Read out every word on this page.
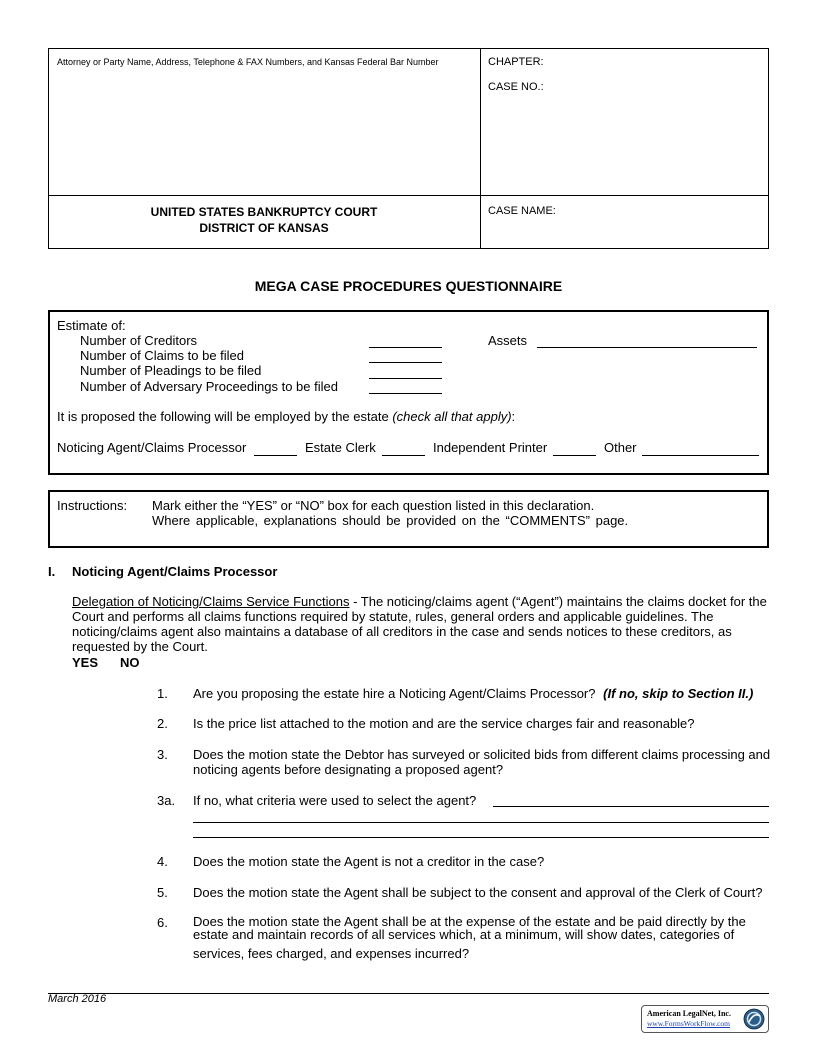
Attorney or Party Name, Address, Telephone & FAX Numbers, and Kansas Federal Bar Number	CHAPTER:
CASE NO.:
UNITED STATES BANKRUPTCY COURT
DISTRICT OF KANSAS
CASE NAME:
MEGA CASE PROCEDURES QUESTIONNAIRE
Estimate of:
Number of Creditors	Assets
Number of Claims to be filed
Number of Pleadings to be filed
Number of Adversary Proceedings to be filed
It is proposed the following will be employed by the estate (check all that apply):
Noticing Agent/Claims Processor	Estate Clerk	Independent Printer	Other
Instructions: Mark either the “YES” or “NO” box for each question listed in this declaration.
Where applicable, explanations should be provided on the “COMMENTS” page.
I. Noticing Agent/Claims Processor
Delegation of Noticing/Claims Service Functions - The noticing/claims agent (“Agent”) maintains the claims docket for the
Court and performs all claims functions required by statute, rules, general orders and applicable guidelines. The
noticing/claims agent also maintains a database of all creditors in the case and sends notices to these creditors, as
requested by the Court.
YES NO
1. Are you proposing the estate hire a Noticing Agent/Claims Processor? (If no, skip to Section II.)
2. Is the price list attached to the motion and are the service charges fair and reasonable?
3. Does the motion state the Debtor has surveyed or solicited bids from different claims processing and
noticing agents before designating a proposed agent?
3a. If no, what criteria were used to select the agent?
4. Does the motion state the Agent is not a creditor in the case?
5. Does the motion state the Agent shall be subject to the consent and approval of the Clerk of Court?
6. Does the motion state the Agent shall be at the expense of the estate and be paid directly by the
estate and maintain records of all services which, at a minimum, will show dates, categories of
services, fees charged, and expenses incurred?
March 2016
American LegalNet, Inc.
www.FormsWorkFlow.com
